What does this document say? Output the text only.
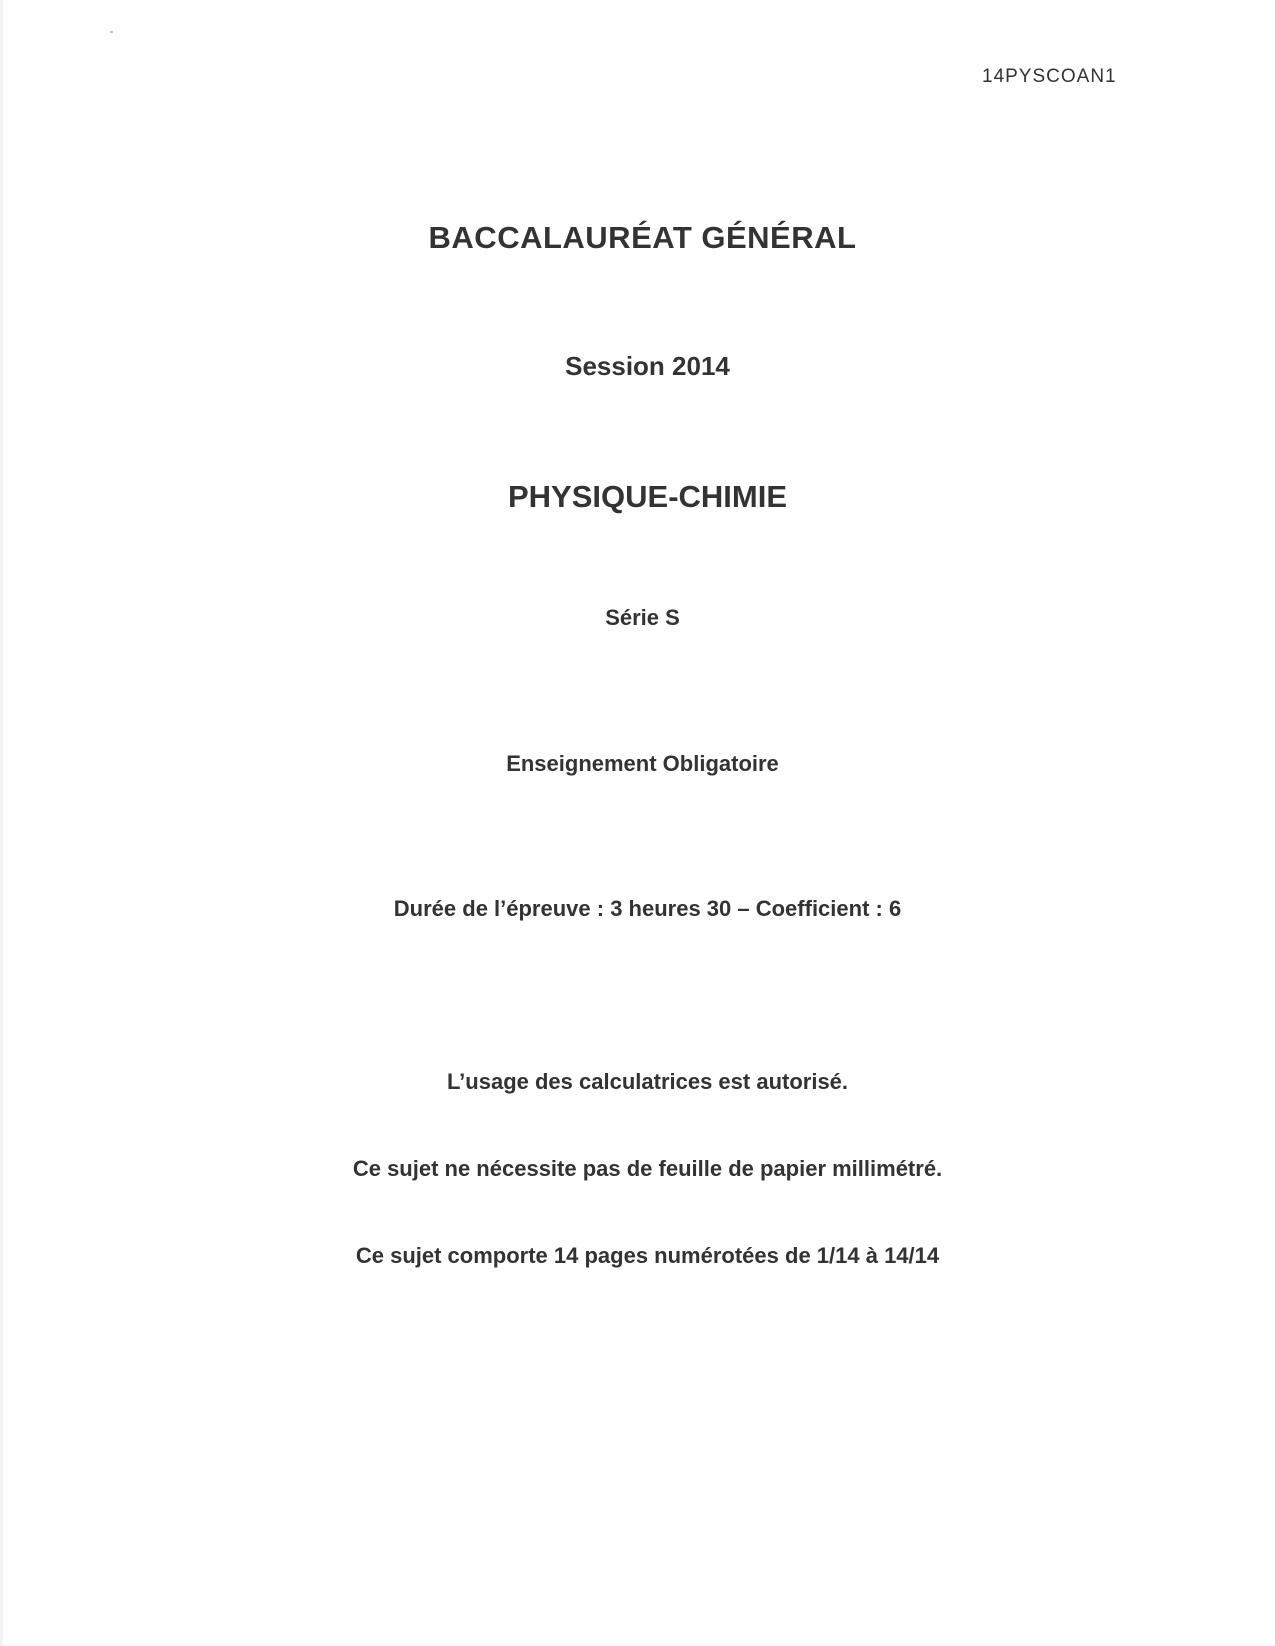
14PYSCOAN1
BACCALAURÉAT GÉNÉRAL
Session 2014
PHYSIQUE-CHIMIE
Série S
Enseignement Obligatoire
Durée de l’épreuve : 3 heures 30 – Coefficient : 6
L’usage des calculatrices est autorisé.
Ce sujet ne nécessite pas de feuille de papier millimétré.
Ce sujet comporte 14 pages numérotées de 1/14 à 14/14
